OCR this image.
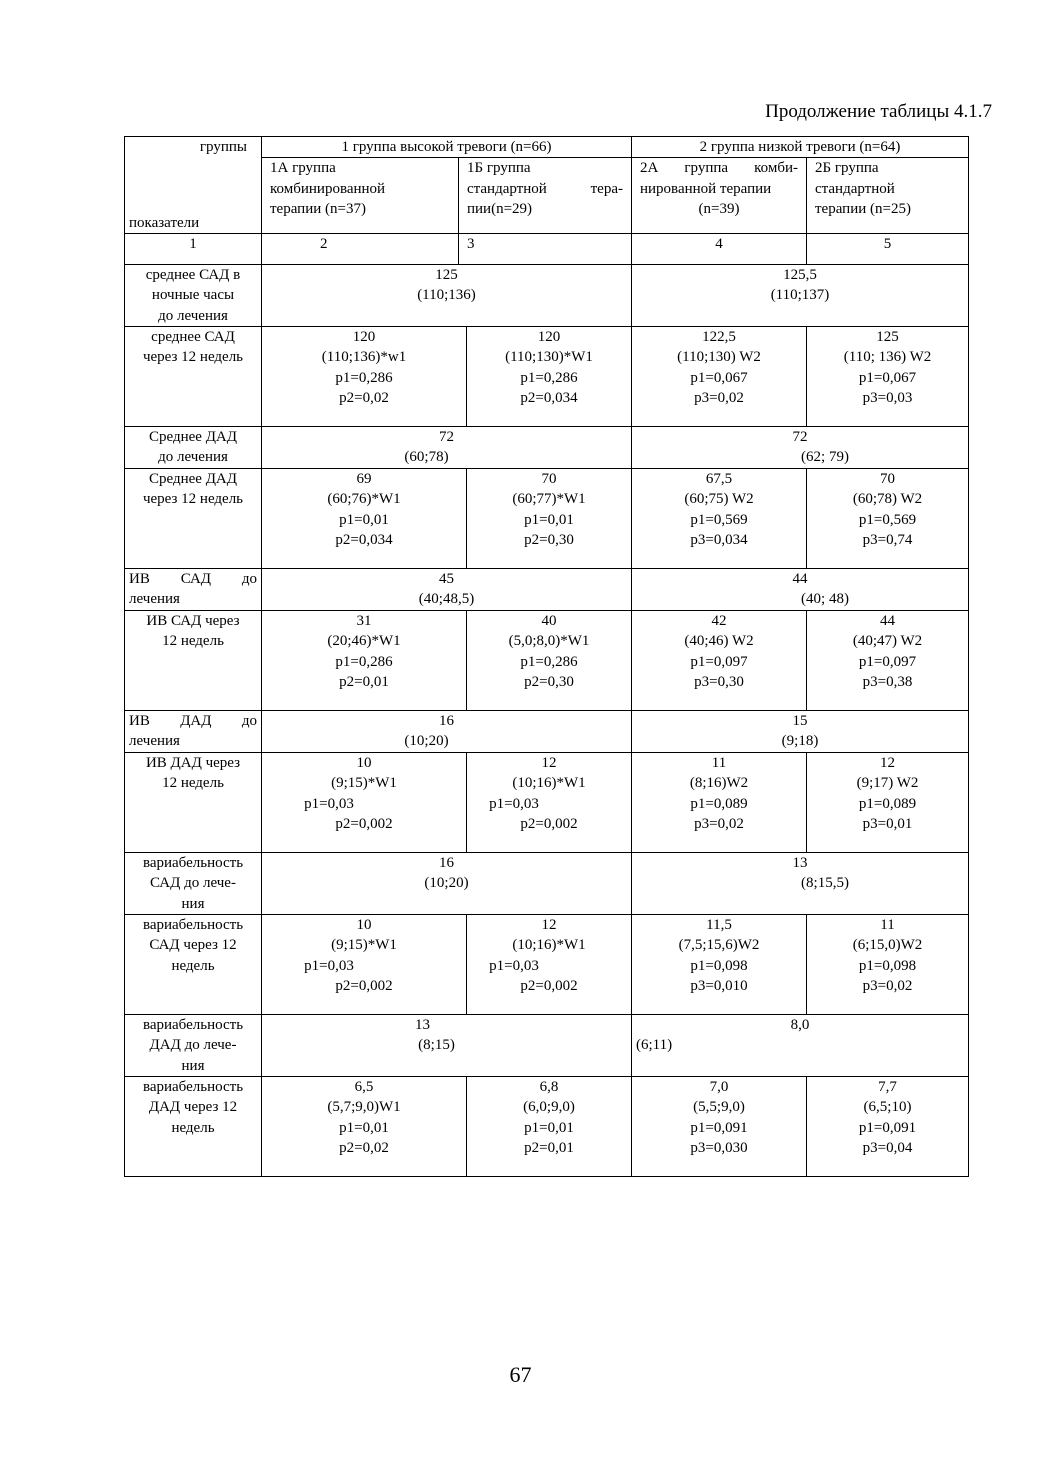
Продолжение таблицы 4.1.7
группы
показатели	1 группа высокой тревоги (n=66)			2 группа низкой тревоги (n=64)	

	1А группа
комбинированной
терапии (n=37)	1Б группа
стандартной тера-
пии(n=29)		2А группа комби-
нированной терапии
(n=39)	2Б группа
стандартной
терапии (n=25)

1	2	3		4	5

среднее САД в
ночные часы
до лечения	125
(110;136)			125,5
(110;137)	

среднее САД
через 12 недель	120
(110;136)*w1
p1=0,286
p2=0,02		120
(110;130)*W1
p1=0,286
p2=0,034	122,5
(110;130) W2
p1=0,067
p3=0,02	125
(110; 136) W2
p1=0,067
p3=0,03

Среднее ДАД
до лечения	72
(60;78)			72
(62; 79)	

Среднее ДАД
через 12 недель	69
(60;76)*W1
p1=0,01
p2=0,034		70
(60;77)*W1
p1=0,01
p2=0,30	67,5
(60;75) W2
p1=0,569
p3=0,034	70
(60;78) W2
p1=0,569
p3=0,74

ИВ САД до
лечения	45
(40;48,5)			44
(40; 48)	

ИВ САД через
12 недель	31
(20;46)*W1
p1=0,286
p2=0,01		40
(5,0;8,0)*W1
p1=0,286
p2=0,30	42
(40;46) W2
p1=0,097
p3=0,30	44
(40;47) W2
p1=0,097
p3=0,38

ИВ ДАД до
лечения	16
(10;20)			15
(9;18)	

ИВ ДАД через
12 недель	10
(9;15)*W1
p1=0,03
p2=0,002		12
(10;16)*W1
p1=0,03
p2=0,002	11
(8;16)W2
p1=0,089
p3=0,02	12
(9;17) W2
p1=0,089
p3=0,01

вариабельность
САД до лече-
ния	16
(10;20)			13
(8;15,5)	

вариабельность
САД через 12
недель	10
(9;15)*W1
p1=0,03
p2=0,002		12
(10;16)*W1
p1=0,03
p2=0,002	11,5
(7,5;15,6)W2
p1=0,098
p3=0,010	11
(6;15,0)W2
p1=0,098
p3=0,02

вариабельность
ДАД до лече-
ния	13
(8;15)			8,0
(6;11)	

вариабельность
ДАД через 12
недель	6,5
(5,7;9,0)W1
p1=0,01
p2=0,02		6,8
(6,0;9,0)
p1=0,01
p2=0,01	7,0
(5,5;9,0)
p1=0,091
p3=0,030	7,7
(6,5;10)
p1=0,091
p3=0,04
67
